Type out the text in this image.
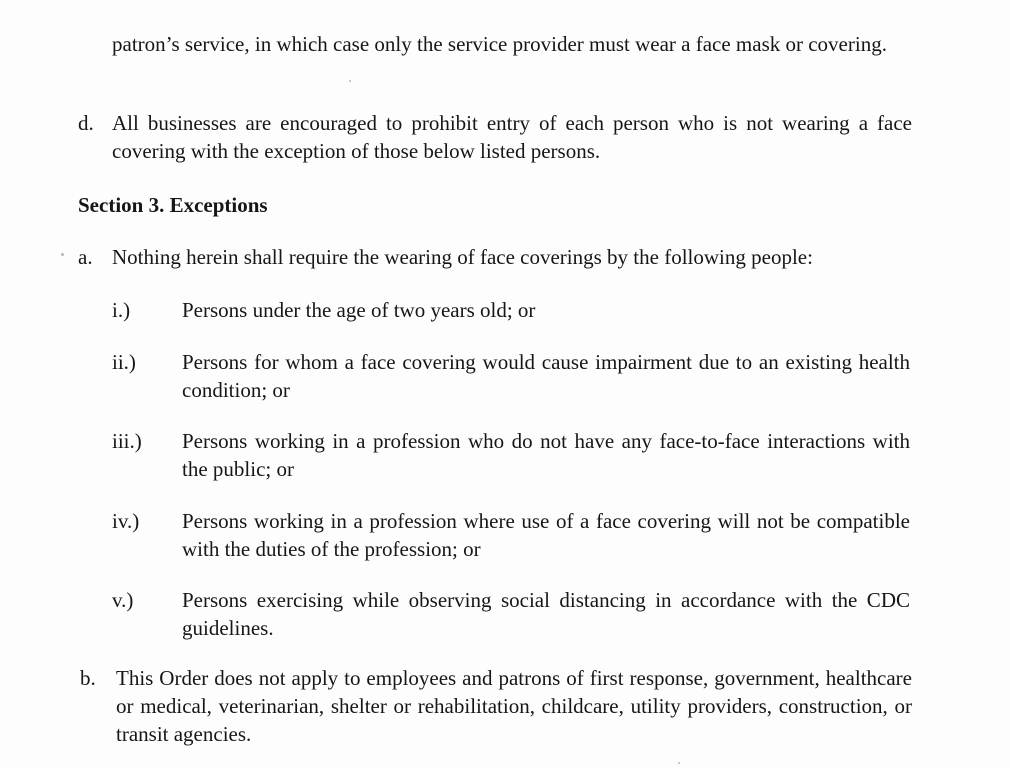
patron’s service, in which case only the service provider must wear a face mask or covering.
d. All businesses are encouraged to prohibit entry of each person who is not wearing a face covering with the exception of those below listed persons.
Section 3. Exceptions
a. Nothing herein shall require the wearing of face coverings by the following people:
i.) Persons under the age of two years old; or
ii.) Persons for whom a face covering would cause impairment due to an existing health condition; or
iii.) Persons working in a profession who do not have any face-to-face interactions with the public; or
iv.) Persons working in a profession where use of a face covering will not be compatible with the duties of the profession; or
v.) Persons exercising while observing social distancing in accordance with the CDC guidelines.
b. This Order does not apply to employees and patrons of first response, government, healthcare or medical, veterinarian, shelter or rehabilitation, childcare, utility providers, construction, or transit agencies.
